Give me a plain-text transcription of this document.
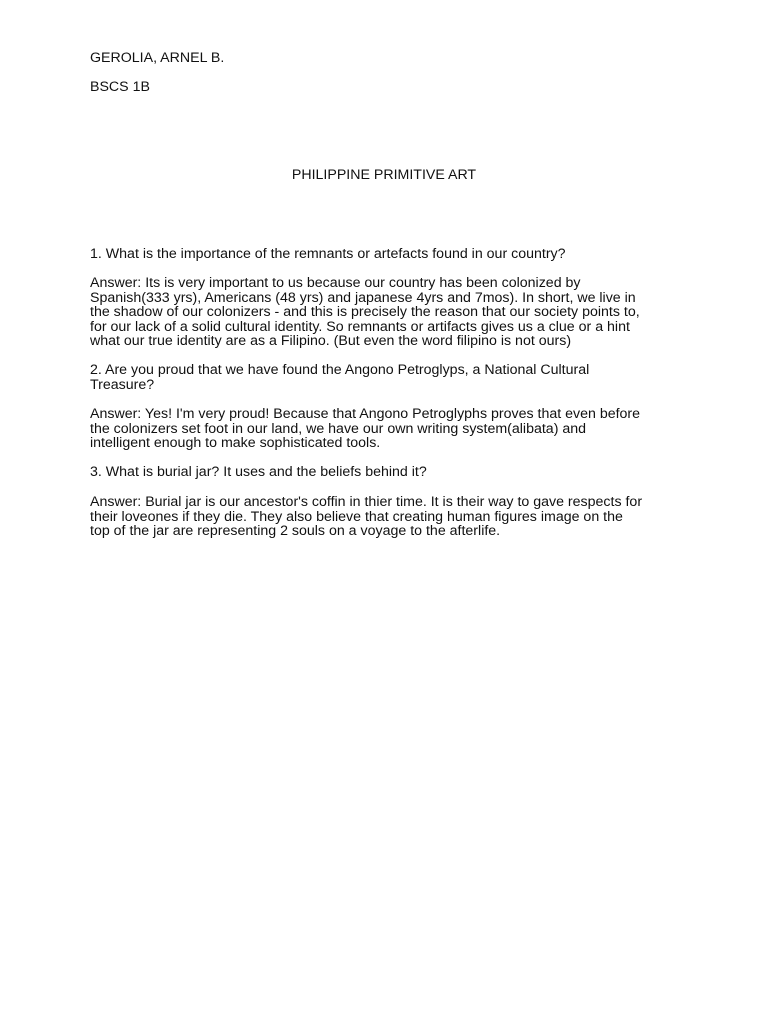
GEROLIA, ARNEL B.
BSCS 1B
PHILIPPINE PRIMITIVE ART
1. What is the importance of the remnants or artefacts found in our country?
Answer: Its is very important to us because our country has been colonized by
Spanish(333 yrs), Americans (48 yrs) and japanese 4yrs and 7mos). In short, we live in
the shadow of our colonizers - and this is precisely the reason that our society points to,
for our lack of a solid cultural identity. So remnants or artifacts gives us a clue or a hint
what our true identity are as a Filipino. (But even the word filipino is not ours)
2. Are you proud that we have found the Angono Petroglyps, a National Cultural
Treasure?
Answer: Yes! I'm very proud! Because that Angono Petroglyphs proves that even before
the colonizers set foot in our land, we have our own writing system(alibata) and
intelligent enough to make sophisticated tools.
3. What is burial jar? It uses and the beliefs behind it?
Answer: Burial jar is our ancestor's coffin in thier time. It is their way to gave respects for
their loveones if they die. They also believe that creating human figures image on the
top of the jar are representing 2 souls on a voyage to the afterlife.
